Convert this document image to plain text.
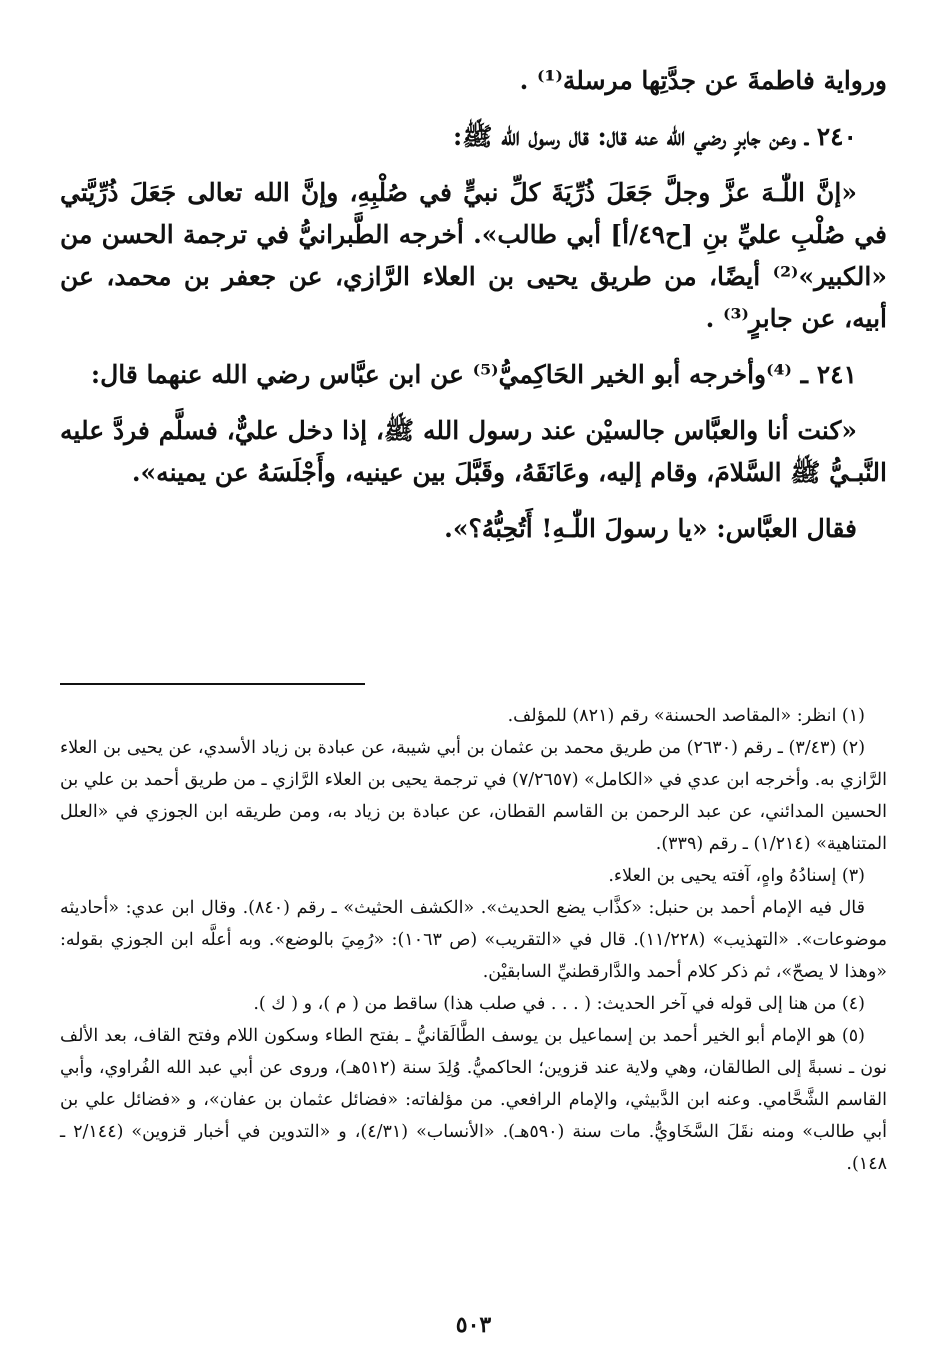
ورواية فاطمةَ عن جدَّتِها مرسلة⁽¹⁾ .

٢٤٠ ـ وعن جابرٍ رضي الله عنه قال: قال رسول الله ﷺ:

«إنَّ اللّٰـهَ عزَّ وجلَّ جَعَلَ ذُرِّيَةَ كلِّ نبيٍّ في صُلْبِهِ، وإنَّ الله تعالى جَعَلَ ذُرِّيَّتي في صُلْبِ عليِّ بنِ [ح٤٩/أ] أبي طالب». أخرجه الطَّبرانيُّ في ترجمة الحسن من «الكبير»⁽²⁾ أيضًا، من طريق يحيى بن العلاء الرَّازي، عن جعفر بن محمد، عن أبيه، عن جابرٍ⁽³⁾ .

٢٤١ ـ ⁽⁴⁾وأخرجه أبو الخير الحَاكِميُّ⁽⁵⁾ عن ابن عبَّاس رضي الله عنهما قال:

«كنت أنا والعبَّاس جالسيْن عند رسول الله ﷺ، إذا دخل عليٌّ، فسلَّم فردَّ عليه النَّبـيُّ ﷺ السَّلامَ، وقام إليه، وعَانَقَهُ، وقَبَّلَ بين عينيه، وأَجْلَسَهُ عن يمينه».

فقال العبَّاس: «يا رسولَ اللّٰـهِ! أَتُحِبُّهُ؟».

(١) انظر: «المقاصد الحسنة» رقم (٨٢١) للمؤلف.

(٢) (٣/٤٣) ـ رقم (٢٦٣٠) من طريق محمد بن عثمان بن أبي شيبة، عن عبادة بن زياد الأسدي، عن يحيى بن العلاء الرَّازي به. وأخرجه ابن عدي في «الكامل» (٧/٢٦٥٧) في ترجمة يحيى بن العلاء الرَّازي ـ من طريق أحمد بن علي بن الحسين المدائني، عن عبد الرحمن بن القاسم القطان، عن عبادة بن زياد به، ومن طريقه ابن الجوزي في «العلل المتناهية» (١/٢١٤) ـ رقم (٣٣٩).

(٣) إسنادُهُ واهٍ، آفته يحيى بن العلاء.

قال فيه الإمام أحمد بن حنبل: «كذَّاب يضع الحديث». «الكشف الحثيث» ـ رقم (٨٤٠). وقال ابن عدي: «أحاديثه موضوعات». «التهذيب» (١١/٢٢٨). قال في «التقريب» (ص ١٠٦٣): «رُمِيَ بالوضع». وبه أعلَّه ابن الجوزي بقوله: «وهذا لا يصحّ»، ثم ذكر كلام أحمد والدَّارقطنيِّ السابقيْن.

(٤) من هنا إلى قوله في آخر الحديث: ( . . . في صلب هذا) ساقط من ( م )، و ( ك ).

(٥) هو الإمام أبو الخير أحمد بن إسماعيل بن يوسف الطَّالَقانيُّ ـ بفتح الطاء وسكون اللام وفتح القاف، بعد الألف نون ـ نسبةً إلى الطالقان، وهي ولاية عند قزوين؛ الحاكميُّ. وُلِدَ سنة (٥١٢هـ)، وروى عن أبي عبد الله الفُراوي، وأبي القاسم الشَّحَّامي. وعنه ابن الدَّبيثي، والإمام الرافعي. من مؤلفاته: «فضائل عثمان بن عفان»، و «فضائل علي بن أبي طالب» ومنه نقَلَ السَّخَاويُّ. مات سنة (٥٩٠هـ). «الأنساب» (٤/٣١)، و «التدوين في أخبار قزوين» (٢/١٤٤ ـ ١٤٨).

٥٠٣
